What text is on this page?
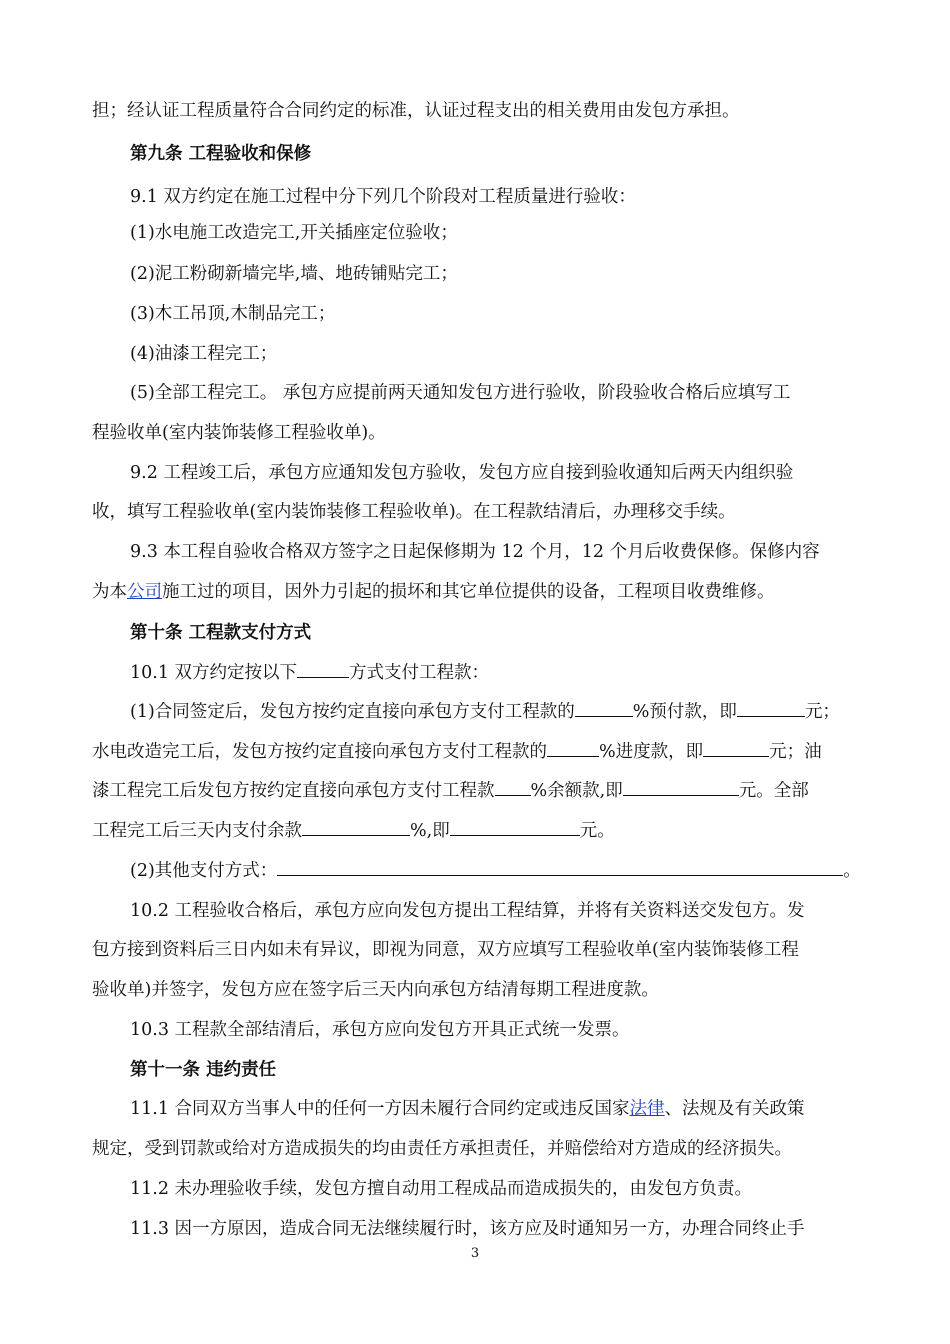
担；经认证工程质量符合合同约定的标准，认证过程支出的相关费用由发包方承担。
第九条 工程验收和保修
9.1 双方约定在施工过程中分下列几个阶段对工程质量进行验收：
(1)水电施工改造完工,开关插座定位验收；
(2)泥工粉砌新墙完毕,墙、地砖铺贴完工；
(3)木工吊顶,木制品完工；
(4)油漆工程完工；
(5)全部工程完工。 承包方应提前两天通知发包方进行验收，阶段验收合格后应填写工
程验收单(室内装饰装修工程验收单)。
9.2 工程竣工后，承包方应通知发包方验收，发包方应自接到验收通知后两天内组织验
收，填写工程验收单(室内装饰装修工程验收单)。在工程款结清后，办理移交手续。
9.3 本工程自验收合格双方签字之日起保修期为 12 个月，12 个月后收费保修。保修内容
为本公司施工过的项目，因外力引起的损坏和其它单位提供的设备，工程项目收费维修。
第十条 工程款支付方式
10.1 双方约定按以下	方式支付工程款：
(1)合同签定后，发包方按约定直接向承包方支付工程款的	%预付款，即	元；
水电改造完工后，发包方按约定直接向承包方支付工程款的	%进度款，即	元；油
漆工程完工后发包方按约定直接向承包方支付工程款 %余额款,即	元。全部
工程完工后三天内支付余款	%,即	元。
(2)其他支付方式：	。
10.2 工程验收合格后，承包方应向发包方提出工程结算，并将有关资料送交发包方。发
包方接到资料后三日内如未有异议，即视为同意，双方应填写工程验收单(室内装饰装修工程
验收单)并签字，发包方应在签字后三天内向承包方结清每期工程进度款。
10.3 工程款全部结清后，承包方应向发包方开具正式统一发票。
第十一条 违约责任
11.1 合同双方当事人中的任何一方因未履行合同约定或违反国家法律、法规及有关政策
规定，受到罚款或给对方造成损失的均由责任方承担责任，并赔偿给对方造成的经济损失。
11.2 未办理验收手续，发包方擅自动用工程成品而造成损失的，由发包方负责。
11.3 因一方原因，造成合同无法继续履行时，该方应及时通知另一方，办理合同终止手
3
